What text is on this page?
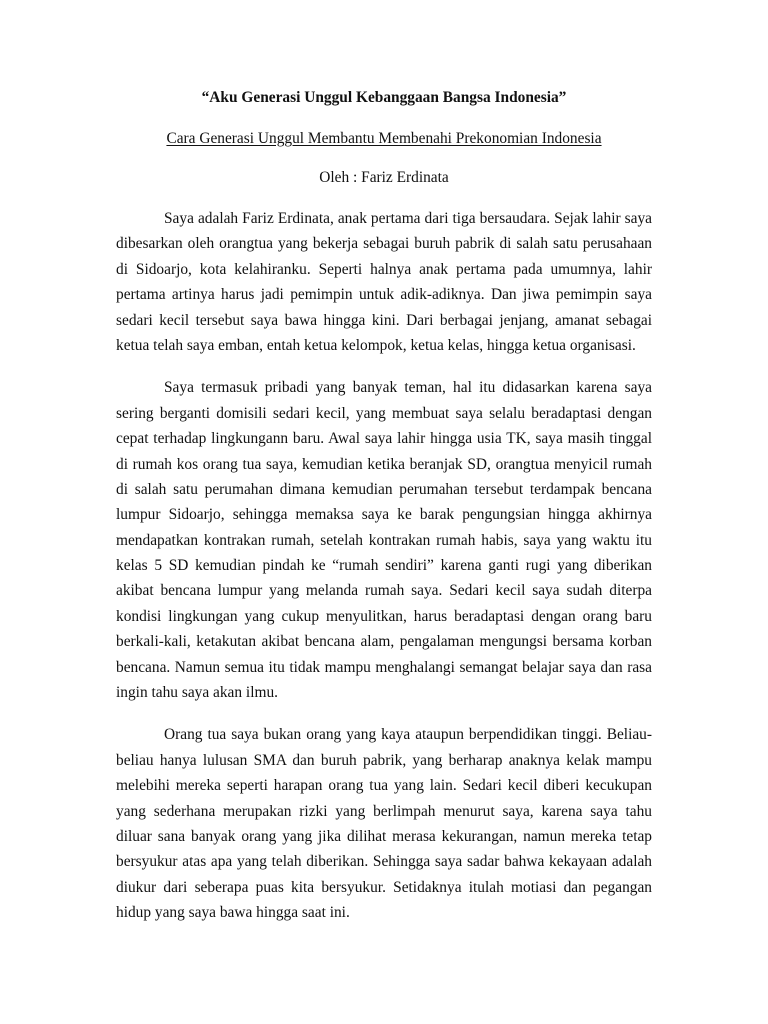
“Aku Generasi Unggul Kebanggaan Bangsa Indonesia”

Cara Generasi Unggul Membantu Membenahi Prekonomian Indonesia

Oleh : Fariz Erdinata

Saya adalah Fariz Erdinata, anak pertama dari tiga bersaudara. Sejak lahir saya
dibesarkan oleh orangtua yang bekerja sebagai buruh pabrik di salah satu perusahaan
di Sidoarjo, kota kelahiranku. Seperti halnya anak pertama pada umumnya, lahir
pertama artinya harus jadi pemimpin untuk adik-adiknya. Dan jiwa pemimpin saya
sedari kecil tersebut saya bawa hingga kini. Dari berbagai jenjang, amanat sebagai
ketua telah saya emban, entah ketua kelompok, ketua kelas, hingga ketua organisasi.

Saya termasuk pribadi yang banyak teman, hal itu didasarkan karena saya
sering berganti domisili sedari kecil, yang membuat saya selalu beradaptasi dengan
cepat terhadap lingkungann baru. Awal saya lahir hingga usia TK, saya masih tinggal
di rumah kos orang tua saya, kemudian ketika beranjak SD, orangtua menyicil rumah
di salah satu perumahan dimana kemudian perumahan tersebut terdampak bencana
lumpur Sidoarjo, sehingga memaksa saya ke barak pengungsian hingga akhirnya
mendapatkan kontrakan rumah, setelah kontrakan rumah habis, saya yang waktu itu
kelas 5 SD kemudian pindah ke “rumah sendiri” karena ganti rugi yang diberikan
akibat bencana lumpur yang melanda rumah saya. Sedari kecil saya sudah diterpa
kondisi lingkungan yang cukup menyulitkan, harus beradaptasi dengan orang baru
berkali-kali, ketakutan akibat bencana alam, pengalaman mengungsi bersama korban
bencana. Namun semua itu tidak mampu menghalangi semangat belajar saya dan rasa
ingin tahu saya akan ilmu.

Orang tua saya bukan orang yang kaya ataupun berpendidikan tinggi. Beliau-
beliau hanya lulusan SMA dan buruh pabrik, yang berharap anaknya kelak mampu
melebihi mereka seperti harapan orang tua yang lain. Sedari kecil diberi kecukupan
yang sederhana merupakan rizki yang berlimpah menurut saya, karena saya tahu
diluar sana banyak orang yang jika dilihat merasa kekurangan, namun mereka tetap
bersyukur atas apa yang telah diberikan. Sehingga saya sadar bahwa kekayaan adalah
diukur dari seberapa puas kita bersyukur. Setidaknya itulah motiasi dan pegangan
hidup yang saya bawa hingga saat ini.
